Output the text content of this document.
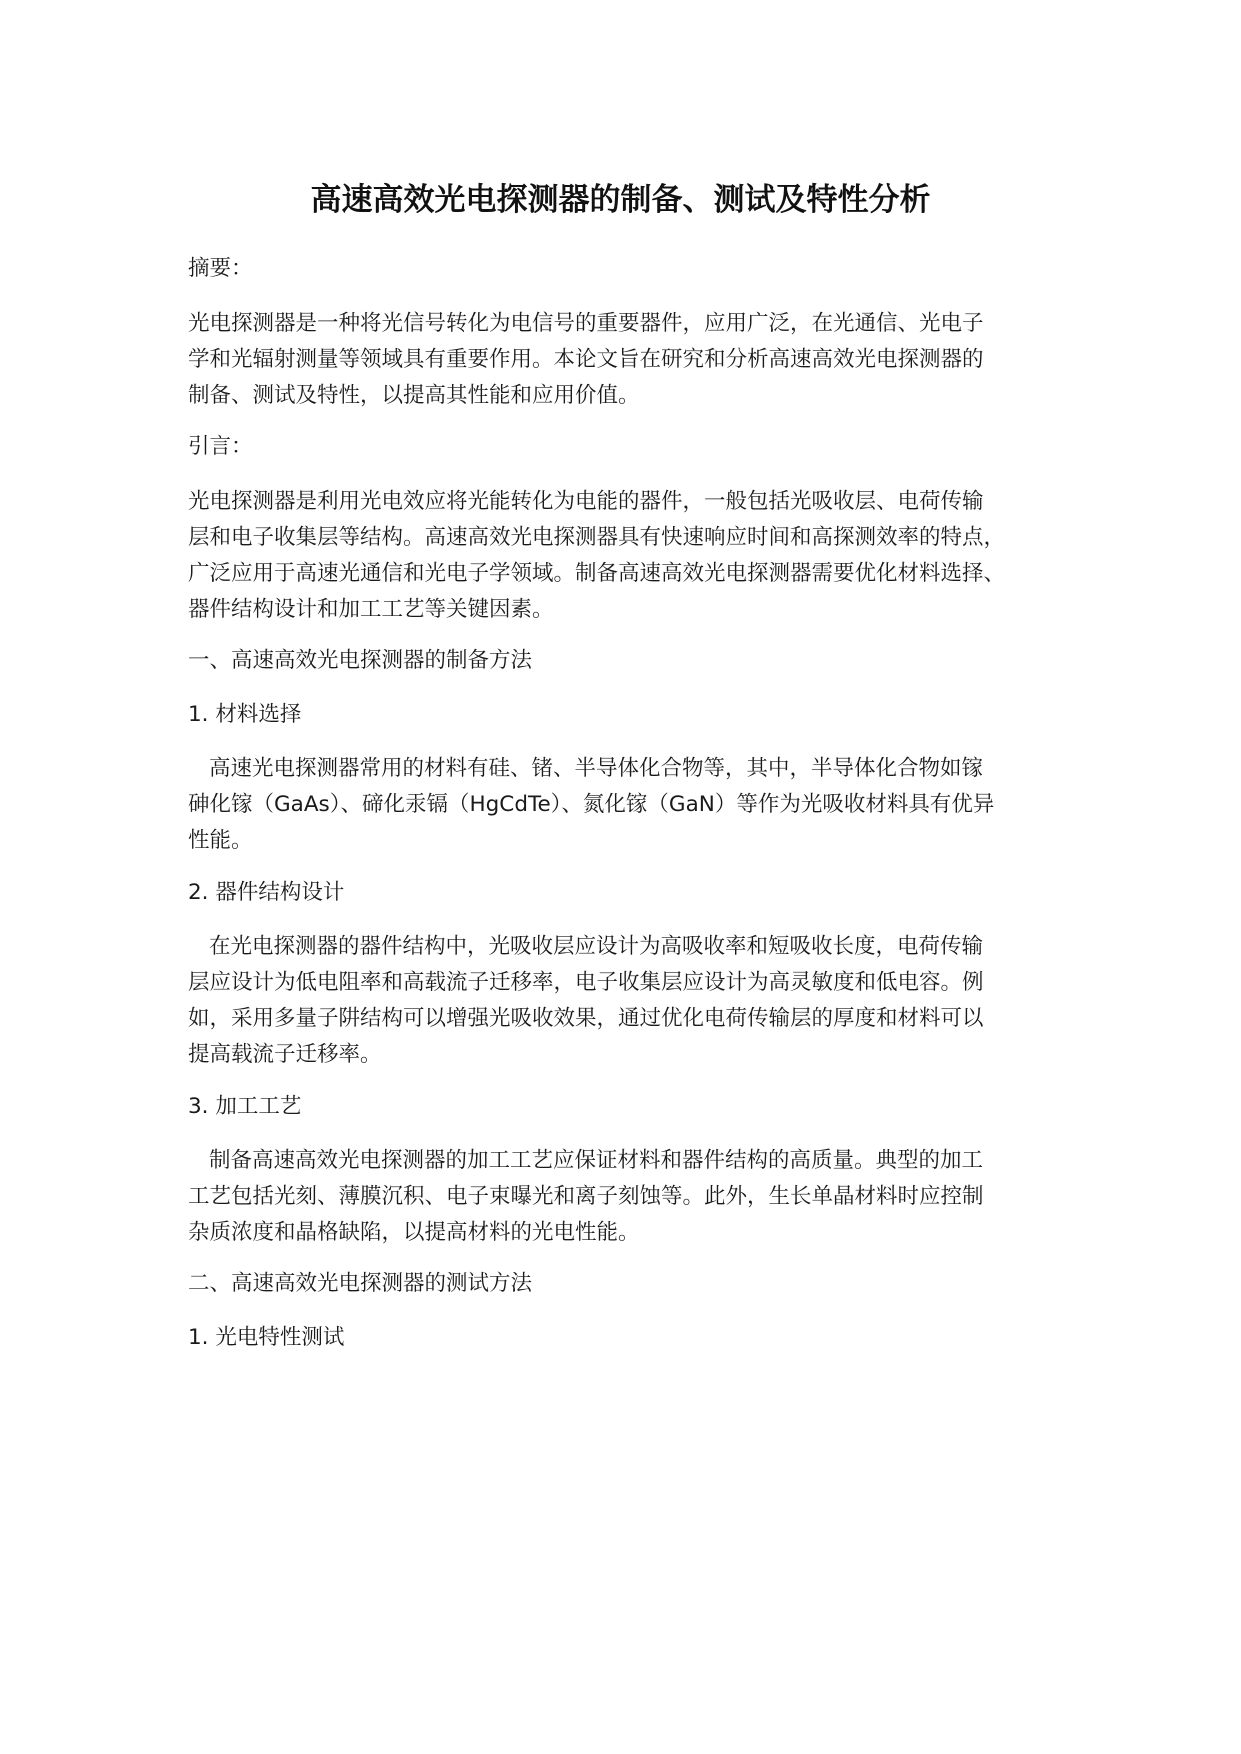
高速高效光电探测器的制备、测试及特性分析

摘要：

光电探测器是一种将光信号转化为电信号的重要器件，应用广泛，在光通信、光电子

学和光辐射测量等领域具有重要作用。本论文旨在研究和分析高速高效光电探测器的

制备、测试及特性，以提高其性能和应用价值。

引言：

光电探测器是利用光电效应将光能转化为电能的器件，一般包括光吸收层、电荷传输

层和电子收集层等结构。高速高效光电探测器具有快速响应时间和高探测效率的特点，

广泛应用于高速光通信和光电子学领域。制备高速高效光电探测器需要优化材料选择、

器件结构设计和加工工艺等关键因素。

一、高速高效光电探测器的制备方法

1. 材料选择

高速光电探测器常用的材料有硅、锗、半导体化合物等，其中，半导体化合物如镓

砷化镓（GaAs）、碲化汞镉（HgCdTe）、氮化镓（GaN）等作为光吸收材料具有优异

性能。

2. 器件结构设计

在光电探测器的器件结构中，光吸收层应设计为高吸收率和短吸收长度，电荷传输

层应设计为低电阻率和高载流子迁移率，电子收集层应设计为高灵敏度和低电容。例

如，采用多量子阱结构可以增强光吸收效果，通过优化电荷传输层的厚度和材料可以

提高载流子迁移率。

3. 加工工艺

制备高速高效光电探测器的加工工艺应保证材料和器件结构的高质量。典型的加工

工艺包括光刻、薄膜沉积、电子束曝光和离子刻蚀等。此外，生长单晶材料时应控制

杂质浓度和晶格缺陷，以提高材料的光电性能。

二、高速高效光电探测器的测试方法

1. 光电特性测试
